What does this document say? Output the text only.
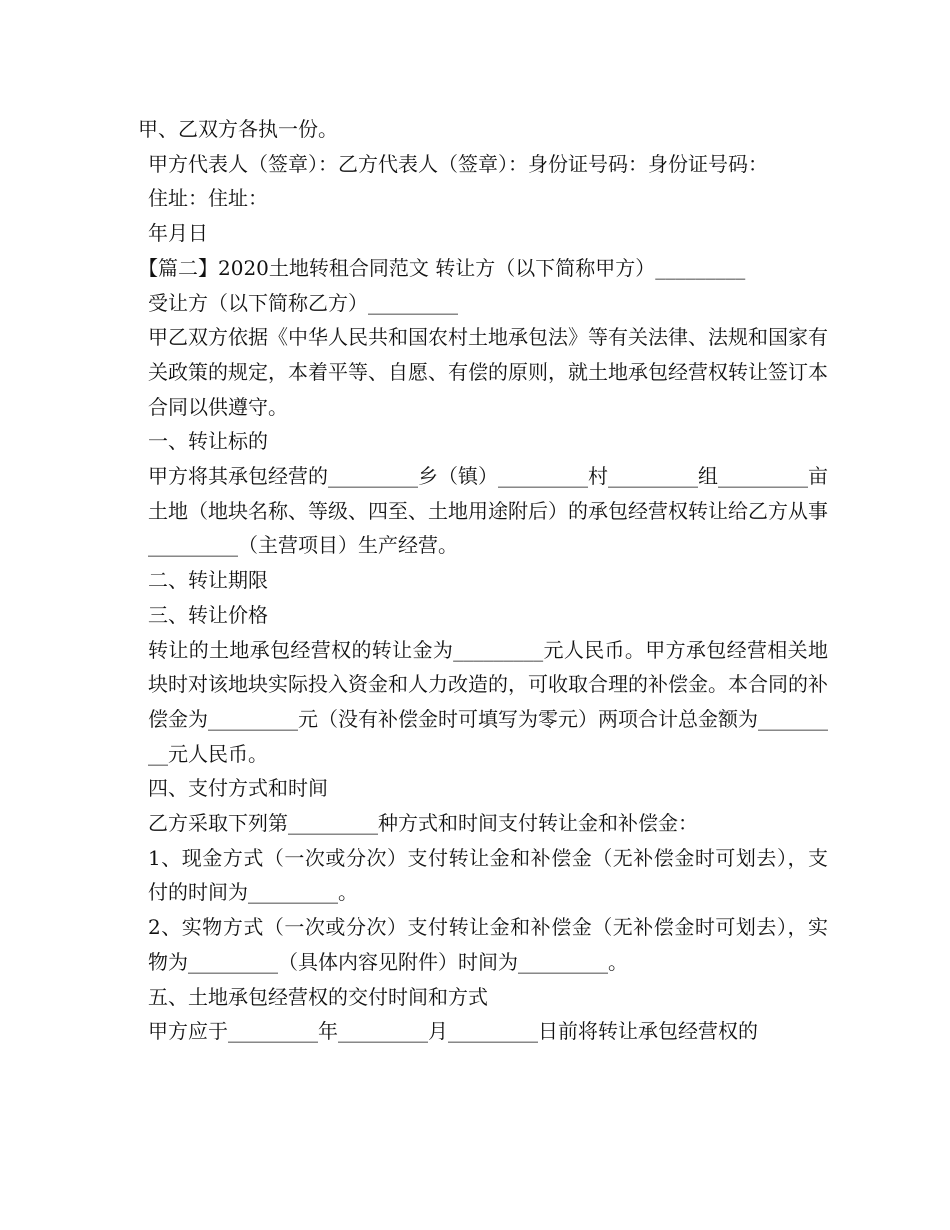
甲、乙双方各执一份。

甲方代表人（签章）：乙方代表人（签章）：身份证号码：身份证号码：

住址：住址：

年月日

【篇二】2020土地转租合同范文 转让方（以下简称甲方）_________

受让方（以下简称乙方）_________

甲乙双方依据《中华人民共和国农村土地承包法》等有关法律、法规和国家有关政策的规定，本着平等、自愿、有偿的原则，就土地承包经营权转让签订本合同以供遵守。

一、转让标的

甲方将其承包经营的_________乡（镇）_________村_________组_________亩土地（地块名称、等级、四至、土地用途附后）的承包经营权转让给乙方从事_________（主营项目）生产经营。

二、转让期限

三、转让价格

转让的土地承包经营权的转让金为_________元人民币。甲方承包经营相关地块时对该地块实际投入资金和人力改造的，可收取合理的补偿金。本合同的补偿金为_________元（没有补偿金时可填写为零元）两项合计总金额为_________元人民币。

四、支付方式和时间

乙方采取下列第_________种方式和时间支付转让金和补偿金：

1、现金方式（一次或分次）支付转让金和补偿金（无补偿金时可划去），支付的时间为_________。

2、实物方式（一次或分次）支付转让金和补偿金（无补偿金时可划去），实物为_________（具体内容见附件）时间为_________。

五、土地承包经营权的交付时间和方式

甲方应于_________年_________月_________日前将转让承包经营权的
